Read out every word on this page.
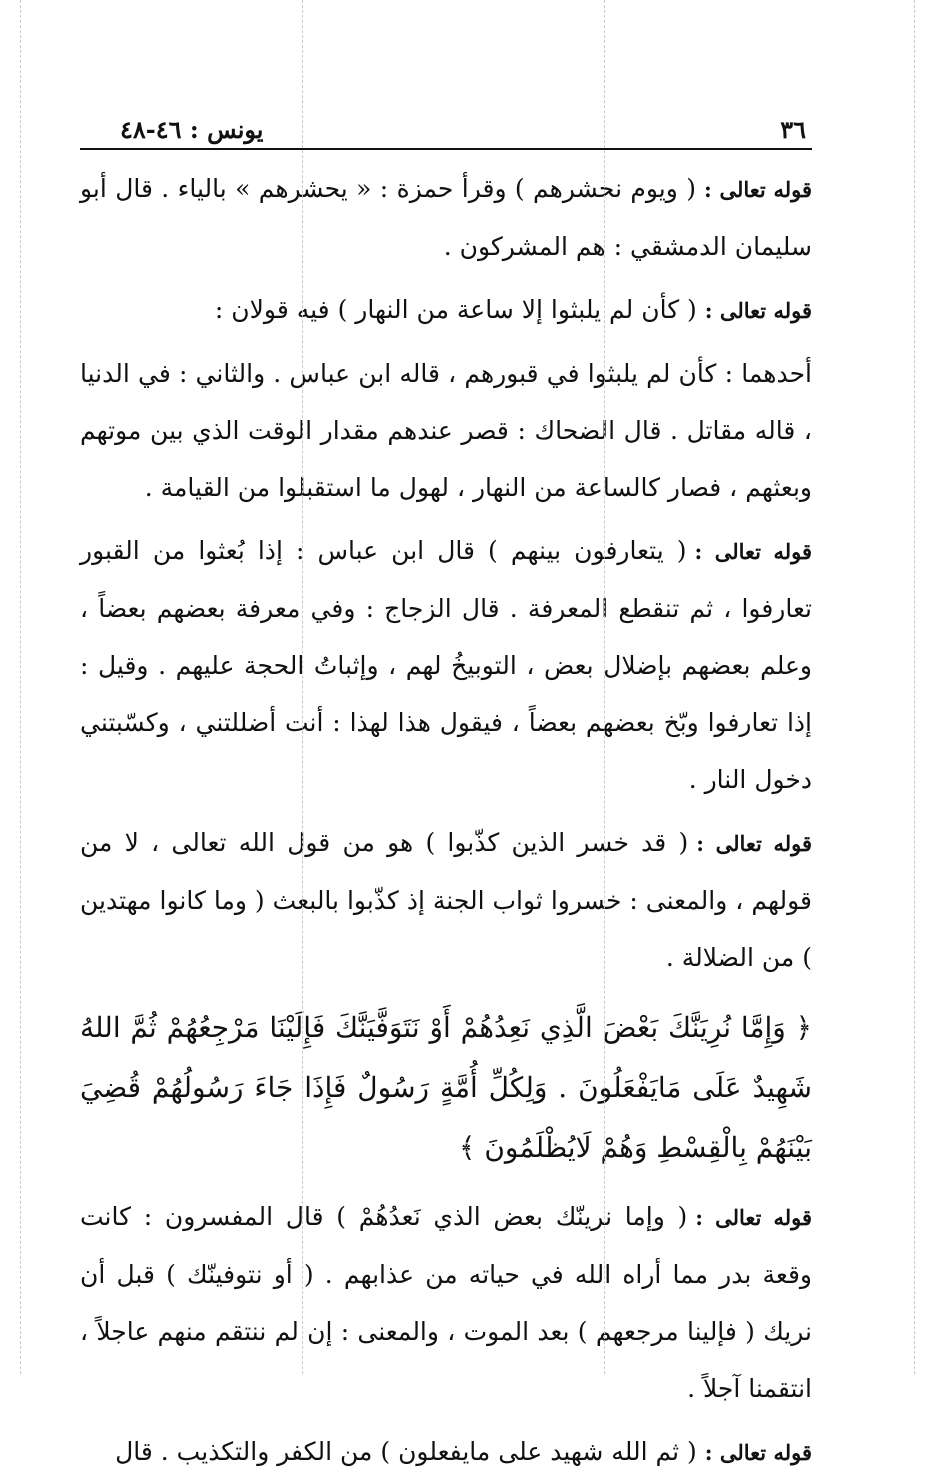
٣٦
يونس : ٤٦-٤٨

قوله تعالى :( ويوم نحشرهم ) وقرأ حمزة : « يحشرهم » بالياء . قال أبو سليمان الدمشقي : هم المشركون .

قوله تعالى :( كأن لم يلبثوا إلا ساعة من النهار ) فيه قولان :

أحدهما : كأن لم يلبثوا في قبورهم ، قاله ابن عباس . والثاني : في الدنيا ، قاله مقاتل . قال الضحاك : قصر عندهم مقدار الوقت الذي بين موتهم وبعثهم ، فصار كالساعة من النهار ، لهول ما استقبلوا من القيامة .

قوله تعالى :( يتعارفون بينهم ) قال ابن عباس : إذا بُعثوا من القبور تعارفوا ، ثم تنقطع المعرفة . قال الزجاج : وفي معرفة بعضهم بعضاً ، وعلم بعضهم بإضلال بعض ، التوبيخُ لهم ، وإثباتُ الحجة عليهم . وقيل : إذا تعارفوا وبّخ بعضهم بعضاً ، فيقول هذا لهذا : أنت أضللتني ، وكسّبتني دخول النار .

قوله تعالى :( قد خسر الذين كذّبوا ) هو من قول الله تعالى ، لا من قولهم ، والمعنى : خسروا ثواب الجنة إذ كذّبوا بالبعث ( وما كانوا مهتدين ) من الضلالة .

﴿ وَإِمَّا نُرِيَنَّكَ بَعْضَ الَّذِي نَعِدُهُمْ أَوْ نَتَوَفَّيَنَّكَ فَإِلَيْنَا مَرْجِعُهُمْ ثُمَّ اللهُ شَهِيدٌ عَلَى مَايَفْعَلُونَ . وَلِكُلِّ أُمَّةٍ رَسُولٌ فَإِذَا جَاءَ رَسُولُهُمْ قُضِيَ بَيْنَهُمْ بِالْقِسْطِ وَهُمْ لَايُظْلَمُونَ ﴾

قوله تعالى :( وإما نرينّك بعض الذي نَعدُهُمْ ) قال المفسرون : كانت وقعة بدر مما أراه الله في حياته من عذابهم . ( أو نتوفينّك ) قبل أن نريك ( فإلينا مرجعهم ) بعد الموت ، والمعنى : إن لم ننتقم منهم عاجلاً ، انتقمنا آجلاً .

قوله تعالى :( ثم الله شهيد على مايفعلون ) من الكفر والتكذيب . قال
